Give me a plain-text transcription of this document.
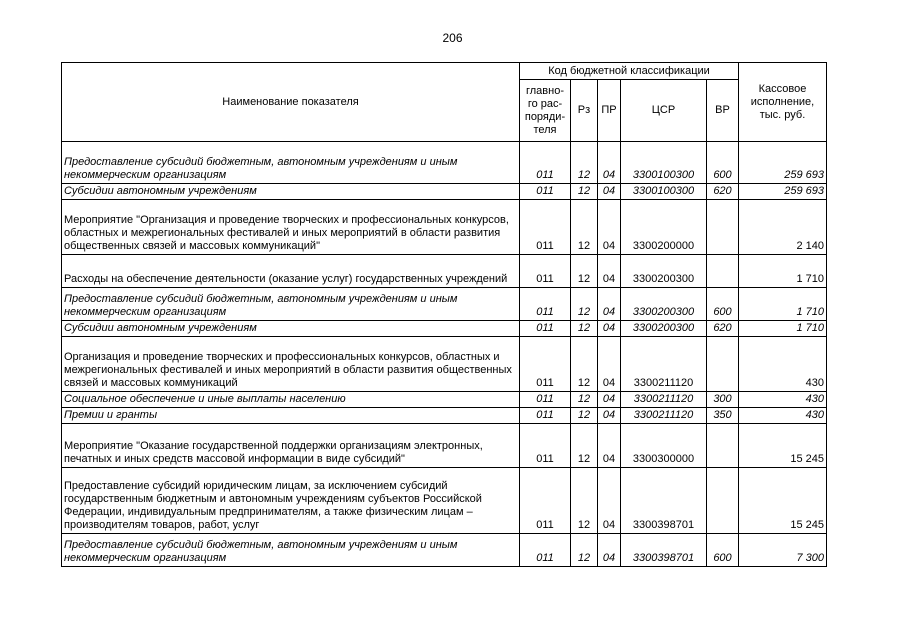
206
Наименование показателя	Код бюджетной классификации					Кассовое
исполнение,
тыс. руб.
	главно-
го рас-
поряди-
теля	Рз	ПР	ЦСР	ВР	
Предоставление субсидий бюджетным, автономным учреждениям и иным некоммерческим организациям	011	12	04	3300100300	600	259 693
Субсидии автономным учреждениям	011	12	04	3300100300	620	259 693
Мероприятие "Организация и проведение творческих и профессиональных конкурсов, областных и межрегиональных фестивалей и иных мероприятий в области развития общественных связей и массовых коммуникаций"	011	12	04	3300200000		2 140
Расходы на обеспечение деятельности (оказание услуг) государственных учреждений	011	12	04	3300200300		1 710
Предоставление субсидий бюджетным, автономным учреждениям и иным некоммерческим организациям	011	12	04	3300200300	600	1 710
Субсидии автономным учреждениям	011	12	04	3300200300	620	1 710
Организация и проведение творческих и профессиональных конкурсов, областных и межрегиональных фестивалей и иных мероприятий в области развития общественных связей и массовых коммуникаций	011	12	04	3300211120		430
Социальное обеспечение и иные выплаты населению	011	12	04	3300211120	300	430
Премии и гранты	011	12	04	3300211120	350	430
Мероприятие "Оказание государственной поддержки организациям электронных, печатных и иных средств массовой информации в виде субсидий"	011	12	04	3300300000		15 245
Предоставление субсидий юридическим лицам, за исключением субсидий государственным бюджетным и автономным учреждениям субъектов Российской Федерации, индивидуальным предпринимателям, а также физическим лицам – производителям товаров, работ, услуг	011	12	04	3300398701		15 245
Предоставление субсидий бюджетным, автономным учреждениям и иным некоммерческим организациям	011	12	04	3300398701	600	7 300
